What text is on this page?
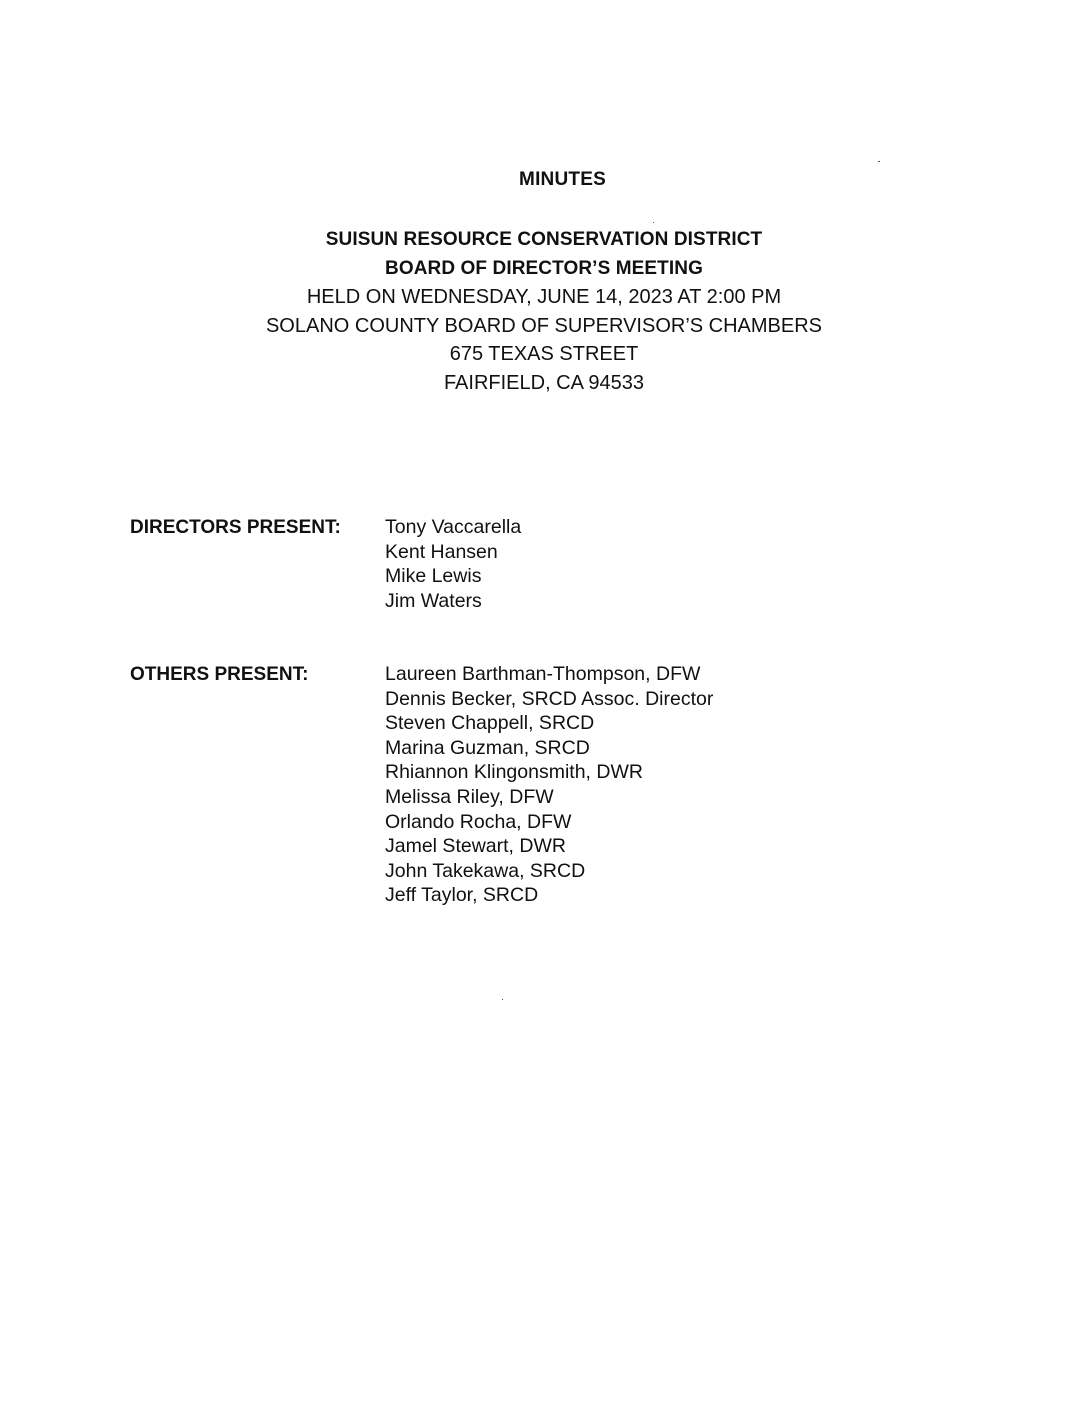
MINUTES
SUISUN RESOURCE CONSERVATION DISTRICT
BOARD OF DIRECTOR’S MEETING
HELD ON WEDNESDAY, JUNE 14, 2023 AT 2:00 PM
SOLANO COUNTY BOARD OF SUPERVISOR’S CHAMBERS
675 TEXAS STREET
FAIRFIELD, CA 94533
DIRECTORS PRESENT: Tony Vaccarella
Kent Hansen
Mike Lewis
Jim Waters
OTHERS PRESENT:	Laureen Barthman-Thompson, DFW
Dennis Becker, SRCD Assoc. Director
Steven Chappell, SRCD
Marina Guzman, SRCD
Rhiannon Klingonsmith, DWR
Melissa Riley, DFW
Orlando Rocha, DFW
Jamel Stewart, DWR
John Takekawa, SRCD
Jeff Taylor, SRCD
